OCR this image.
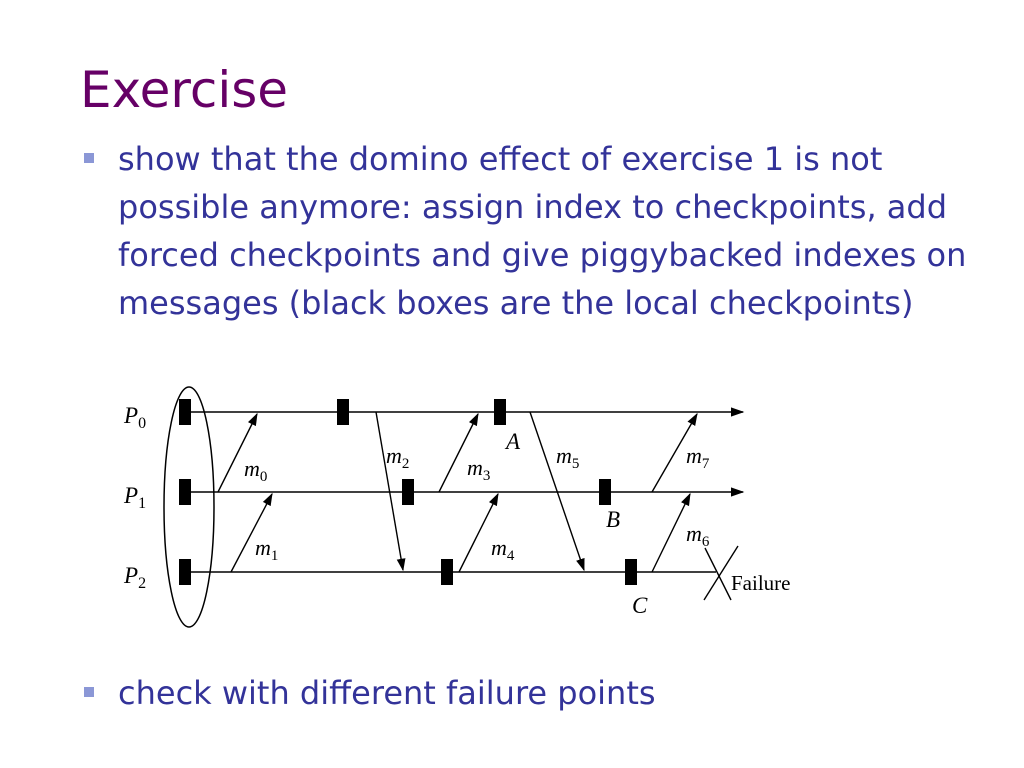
Exercise
show that the domino effect of exercise 1 is not possible anymore: assign index to checkpoints, add forced checkpoints and give piggybacked indexes on messages (black boxes are the local checkpoints)
check with different failure points
$P_0$
$P_1$
$P_2$
$m_0$
$m_1$
$m_2$	$m_3$
$m_4$
$m_5$
$m_6$
$m_7$
A
B
C
Failure
